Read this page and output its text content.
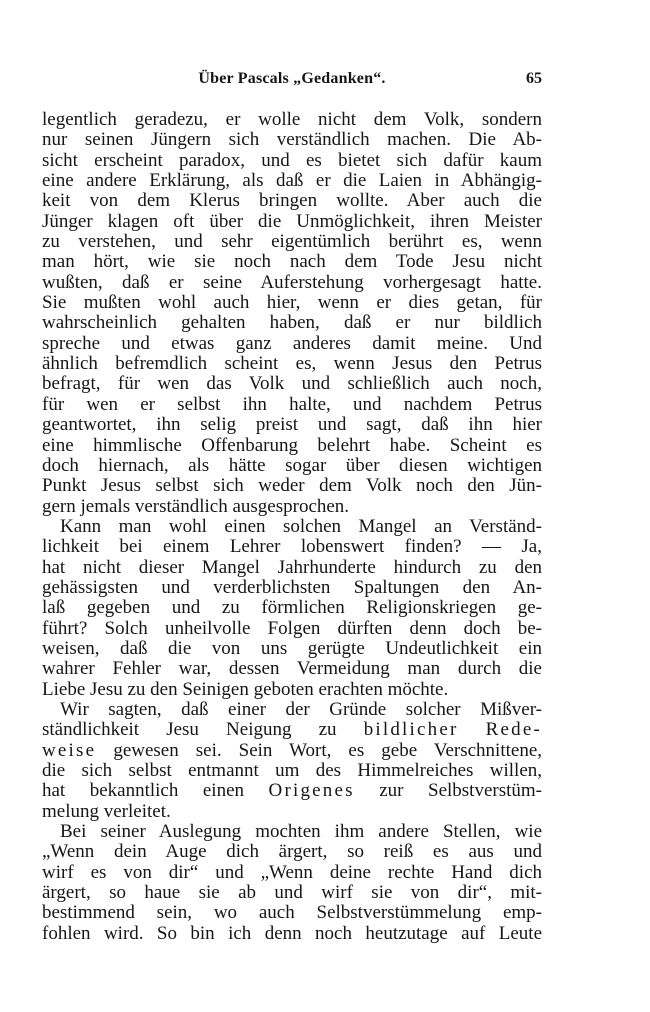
Über Pascals „Gedanken“.	65
legentlich geradezu, er wolle nicht dem Volk, sondern
nur seinen Jüngern sich verständlich machen. Die Ab-
sicht erscheint paradox, und es bietet sich dafür kaum
eine andere Erklärung, als daß er die Laien in Abhängig-
keit von dem Klerus bringen wollte. Aber auch die
Jünger klagen oft über die Unmöglichkeit, ihren Meister
zu verstehen, und sehr eigentümlich berührt es, wenn
man hört, wie sie noch nach dem Tode Jesu nicht
wußten, daß er seine Auferstehung vorhergesagt hatte.
Sie mußten wohl auch hier, wenn er dies getan, für
wahrscheinlich gehalten haben, daß er nur bildlich
spreche und etwas ganz anderes damit meine. Und
ähnlich befremdlich scheint es, wenn Jesus den Petrus
befragt, für wen das Volk und schließlich auch noch,
für wen er selbst ihn halte, und nachdem Petrus
geantwortet, ihn selig preist und sagt, daß ihn hier
eine himmlische Offenbarung belehrt habe. Scheint es
doch hiernach, als hätte sogar über diesen wichtigen
Punkt Jesus selbst sich weder dem Volk noch den Jün-
gern jemals verständlich ausgesprochen.
Kann man wohl einen solchen Mangel an Verständ-
lichkeit bei einem Lehrer lobenswert finden? — Ja,
hat nicht dieser Mangel Jahrhunderte hindurch zu den
gehässigsten und verderblichsten Spaltungen den An-
laß gegeben und zu förmlichen Religionskriegen ge-
führt? Solch unheilvolle Folgen dürften denn doch be-
weisen, daß die von uns gerügte Undeutlichkeit ein
wahrer Fehler war, dessen Vermeidung man durch die
Liebe Jesu zu den Seinigen geboten erachten möchte.
Wir sagten, daß einer der Gründe solcher Mißver-
ständlichkeit Jesu Neigung zu bildlicher Rede-
weise gewesen sei. Sein Wort, es gebe Verschnittene,
die sich selbst entmannt um des Himmelreiches willen,
hat bekanntlich einen Origenes zur Selbstverstüm-
melung verleitet.
Bei seiner Auslegung mochten ihm andere Stellen, wie
„Wenn dein Auge dich ärgert, so reiß es aus und
wirf es von dir“ und „Wenn deine rechte Hand dich
ärgert, so haue sie ab und wirf sie von dir“, mit-
bestimmend sein, wo auch Selbstverstümmelung emp-
fohlen wird. So bin ich denn noch heutzutage auf Leute
